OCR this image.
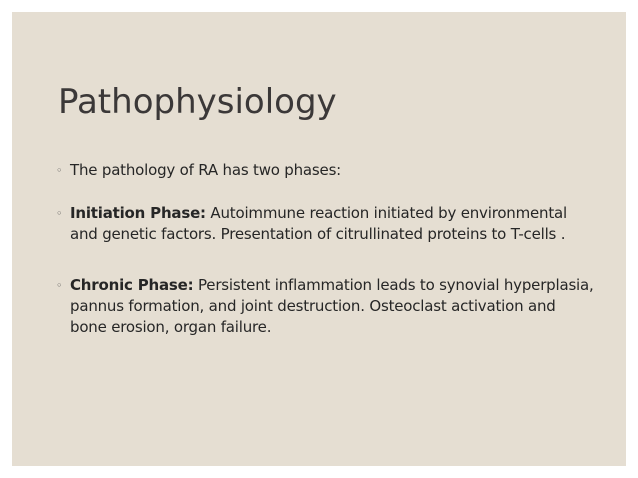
Pathophysiology
◦ The pathology of RA has two phases:
◦ Initiation Phase: Autoimmune reaction initiated by environmental and genetic factors. Presentation of citrullinated proteins to T-cells .
◦ Chronic Phase: Persistent inflammation leads to synovial hyperplasia, pannus formation, and joint destruction. Osteoclast activation and bone erosion, organ failure.
